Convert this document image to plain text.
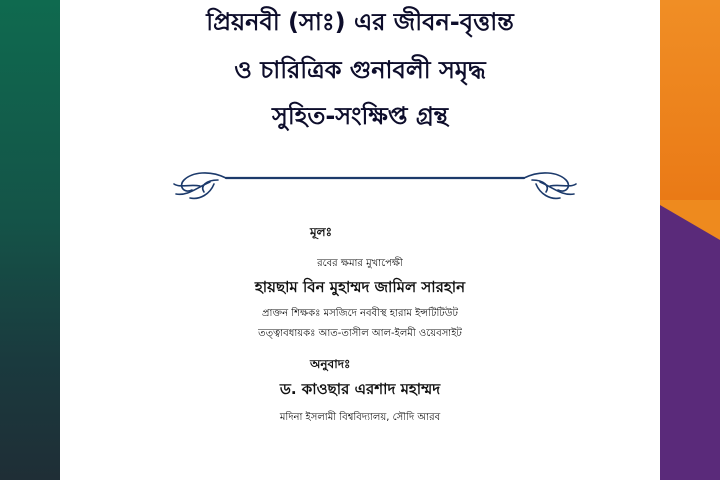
প্রিয়নবী (সাঃ) এর জীবন-বৃত্তান্ত
ও চারিত্রিক গুনাবলী সমৃদ্ধ
সুহিত-সংক্ষিপ্ত গ্রন্থ
মূলঃ
রবের ক্ষমার মুখাপেক্ষী
হায়ছাম বিন মুহাম্মদ জামিল সারহান
প্রাক্তন শিক্ষকঃ মসজিদে নববীস্থ হারাম ইন্সটিটিউট
তত্ত্বাবধায়কঃ আত-তাসীল আল-ইলমী ওয়েবসাইট
অনুবাদঃ
ড. কাওছার এরশাদ মহাম্মদ
মদিনা ইসলামী বিশ্ববিদ্যালয়, সৌদি আরব
